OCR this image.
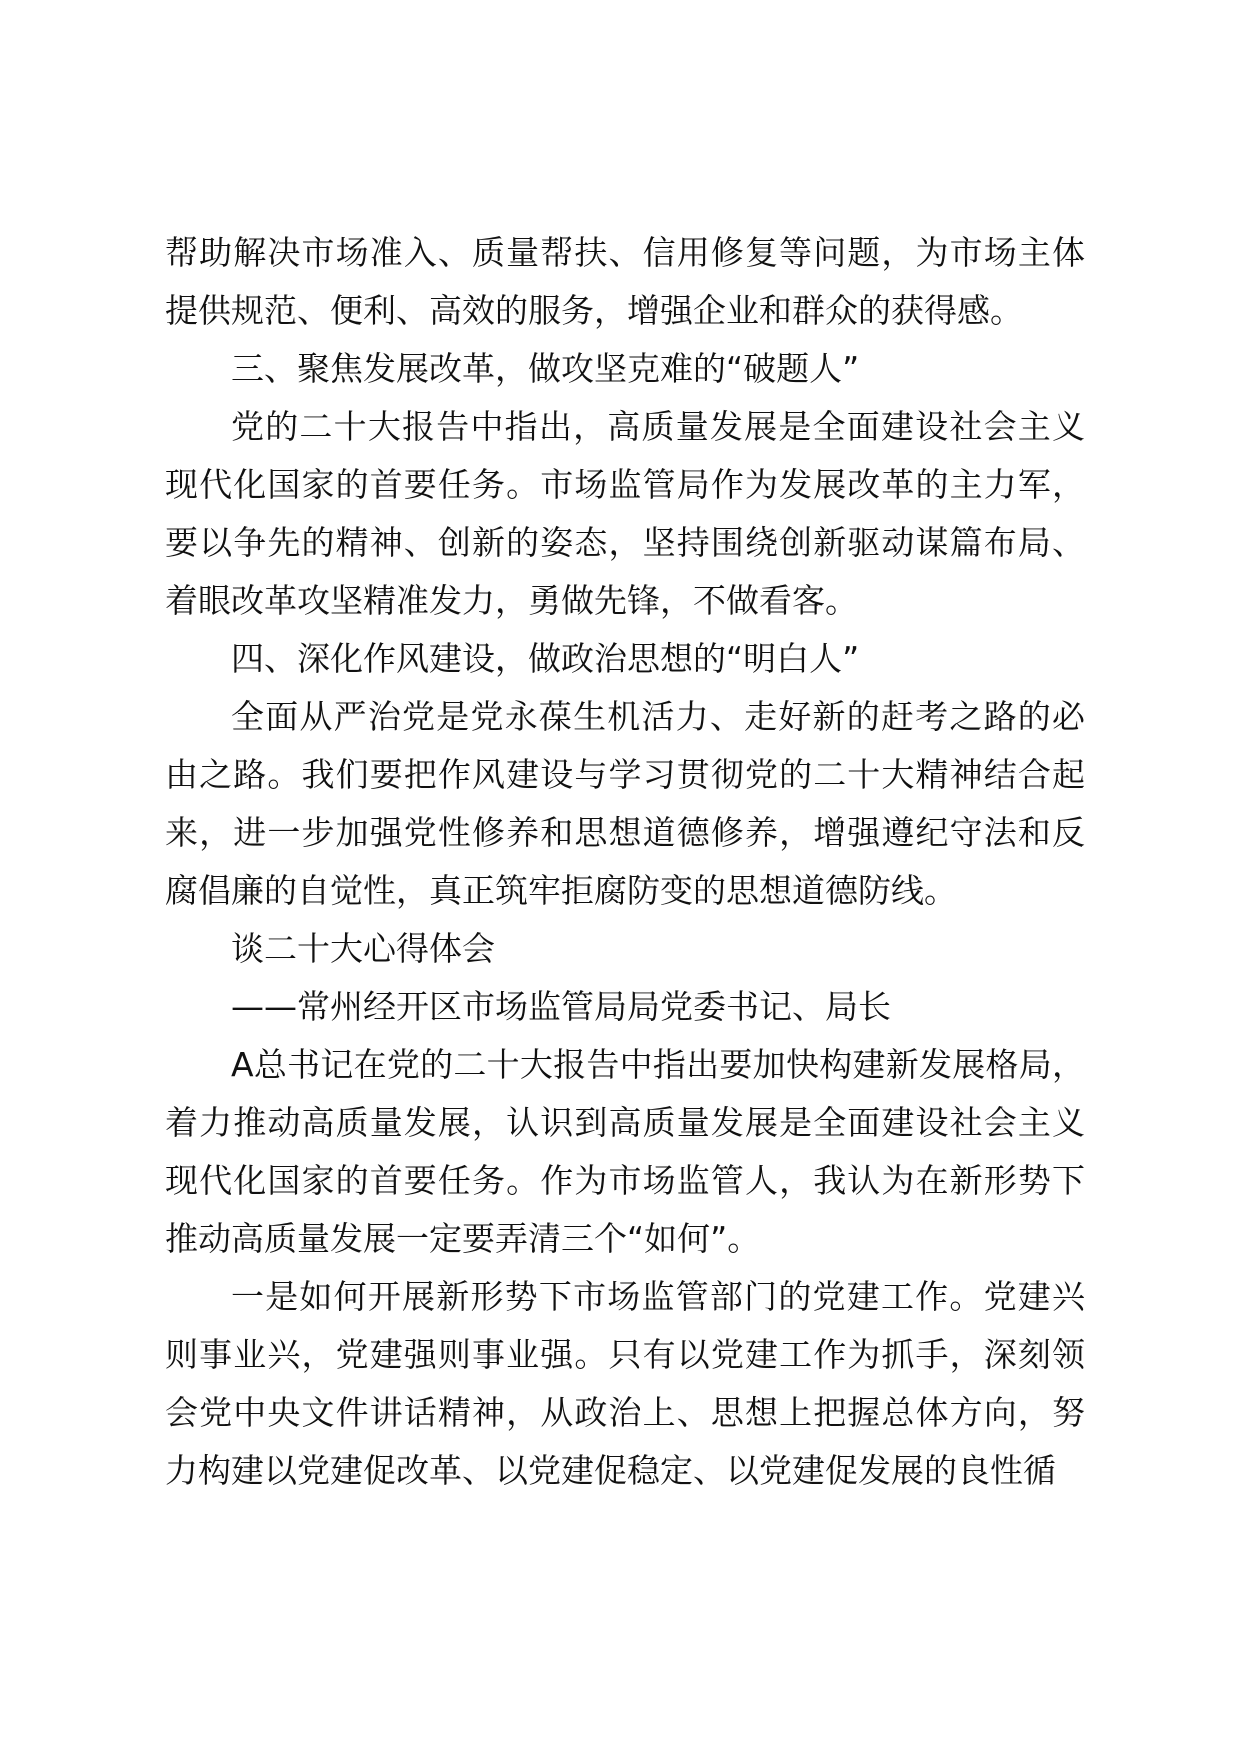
帮助解决市场准入、质量帮扶、信用修复等问题，为市场主体提供规范、便利、高效的服务，增强企业和群众的获得感。

三、聚焦发展改革，做攻坚克难的“破题人”

党的二十大报告中指出，高质量发展是全面建设社会主义现代化国家的首要任务。市场监管局作为发展改革的主力军，要以争先的精神、创新的姿态，坚持围绕创新驱动谋篇布局、着眼改革攻坚精准发力，勇做先锋，不做看客。

四、深化作风建设，做政治思想的“明白人”

全面从严治党是党永葆生机活力、走好新的赶考之路的必由之路。我们要把作风建设与学习贯彻党的二十大精神结合起来，进一步加强党性修养和思想道德修养，增强遵纪守法和反腐倡廉的自觉性，真正筑牢拒腐防变的思想道德防线。

谈二十大心得体会

——常州经开区市场监管局局党委书记、局长

A总书记在党的二十大报告中指出要加快构建新发展格局，着力推动高质量发展，认识到高质量发展是全面建设社会主义现代化国家的首要任务。作为市场监管人，我认为在新形势下推动高质量发展一定要弄清三个“如何”。

一是如何开展新形势下市场监管部门的党建工作。党建兴则事业兴，党建强则事业强。只有以党建工作为抓手，深刻领会党中央文件讲话精神，从政治上、思想上把握总体方向，努力构建以党建促改革、以党建促稳定、以党建促发展的良性循
